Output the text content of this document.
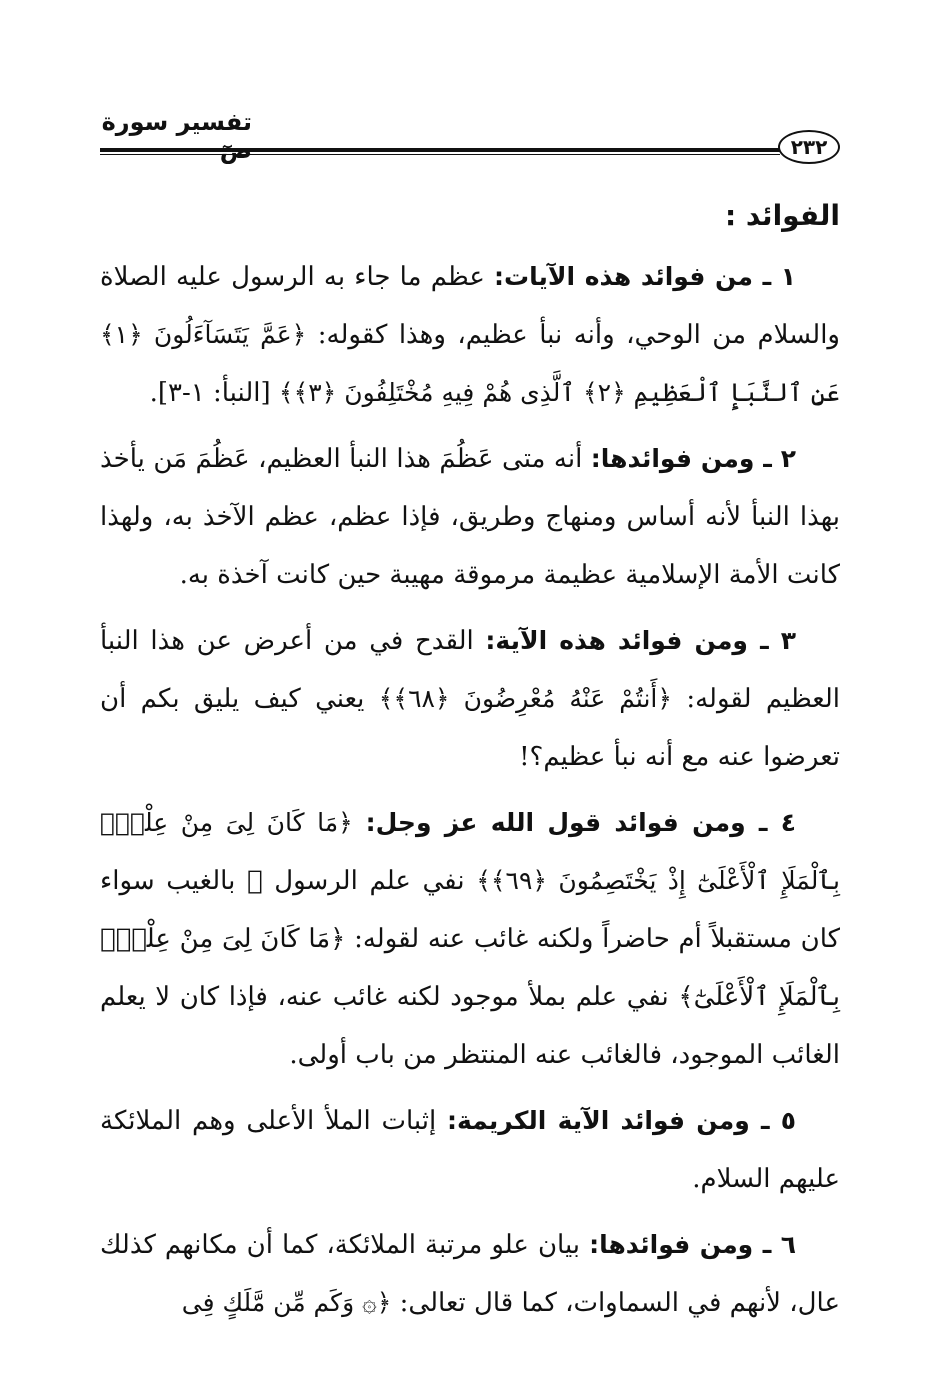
تفسير سورة صٓ	٢٣٢
الفوائد :

١ ـ من فوائد هذه الآيات: عظم ما جاء به الرسول عليه الصلاة والسلام من الوحي، وأنه نبأ عظيم، وهذا كقوله: ﴿عَمَّ يَتَسَآءَلُونَ ﴿١﴾ عَنِ ٱلنَّبَإِ ٱلْعَظِيمِ ﴿٢﴾ ٱلَّذِى هُمْ فِيهِ مُخْتَلِفُونَ ﴿٣﴾﴾ [النبأ: ١-٣].

٢ ـ ومن فوائدها: أنه متى عَظُمَ هذا النبأ العظيم، عَظُمَ مَن يأخذ بهذا النبأ لأنه أساس ومنهاج وطريق، فإذا عظم، عظم الآخذ به، ولهذا كانت الأمة الإسلامية عظيمة مرموقة مهيبة حين كانت آخذة به.

٣ ـ ومن فوائد هذه الآية: القدح في من أعرض عن هذا النبأ العظيم لقوله: ﴿أَنتُمْ عَنْهُ مُعْرِضُونَ ﴿٦٨﴾﴾ يعني كيف يليق بكم أن تعرضوا عنه مع أنه نبأ عظيم؟!

٤ ـ ومن فوائد قول الله عز وجل: ﴿مَا كَانَ لِىَ مِنْ عِلْمٍۭ بِٱلْمَلَإِ ٱلْأَعْلَىٰٓ إِذْ يَخْتَصِمُونَ ﴿٦٩﴾﴾ نفي علم الرسول ﷺ بالغيب سواء كان مستقبلاً أم حاضراً ولكنه غائب عنه لقوله: ﴿مَا كَانَ لِىَ مِنْ عِلْمٍۭ بِٱلْمَلَإِ ٱلْأَعْلَىٰٓ﴾ نفي علم بملأ موجود لكنه غائب عنه، فإذا كان لا يعلم الغائب الموجود، فالغائب عنه المنتظر من باب أولى.

٥ ـ ومن فوائد الآية الكريمة: إثبات الملأ الأعلى وهم الملائكة عليهم السلام.

٦ ـ ومن فوائدها: بيان علو مرتبة الملائكة، كما أن مكانهم كذلك عال، لأنهم في السماوات، كما قال تعالى: ﴿۞ وَكَم مِّن مَّلَكٍ فِى
